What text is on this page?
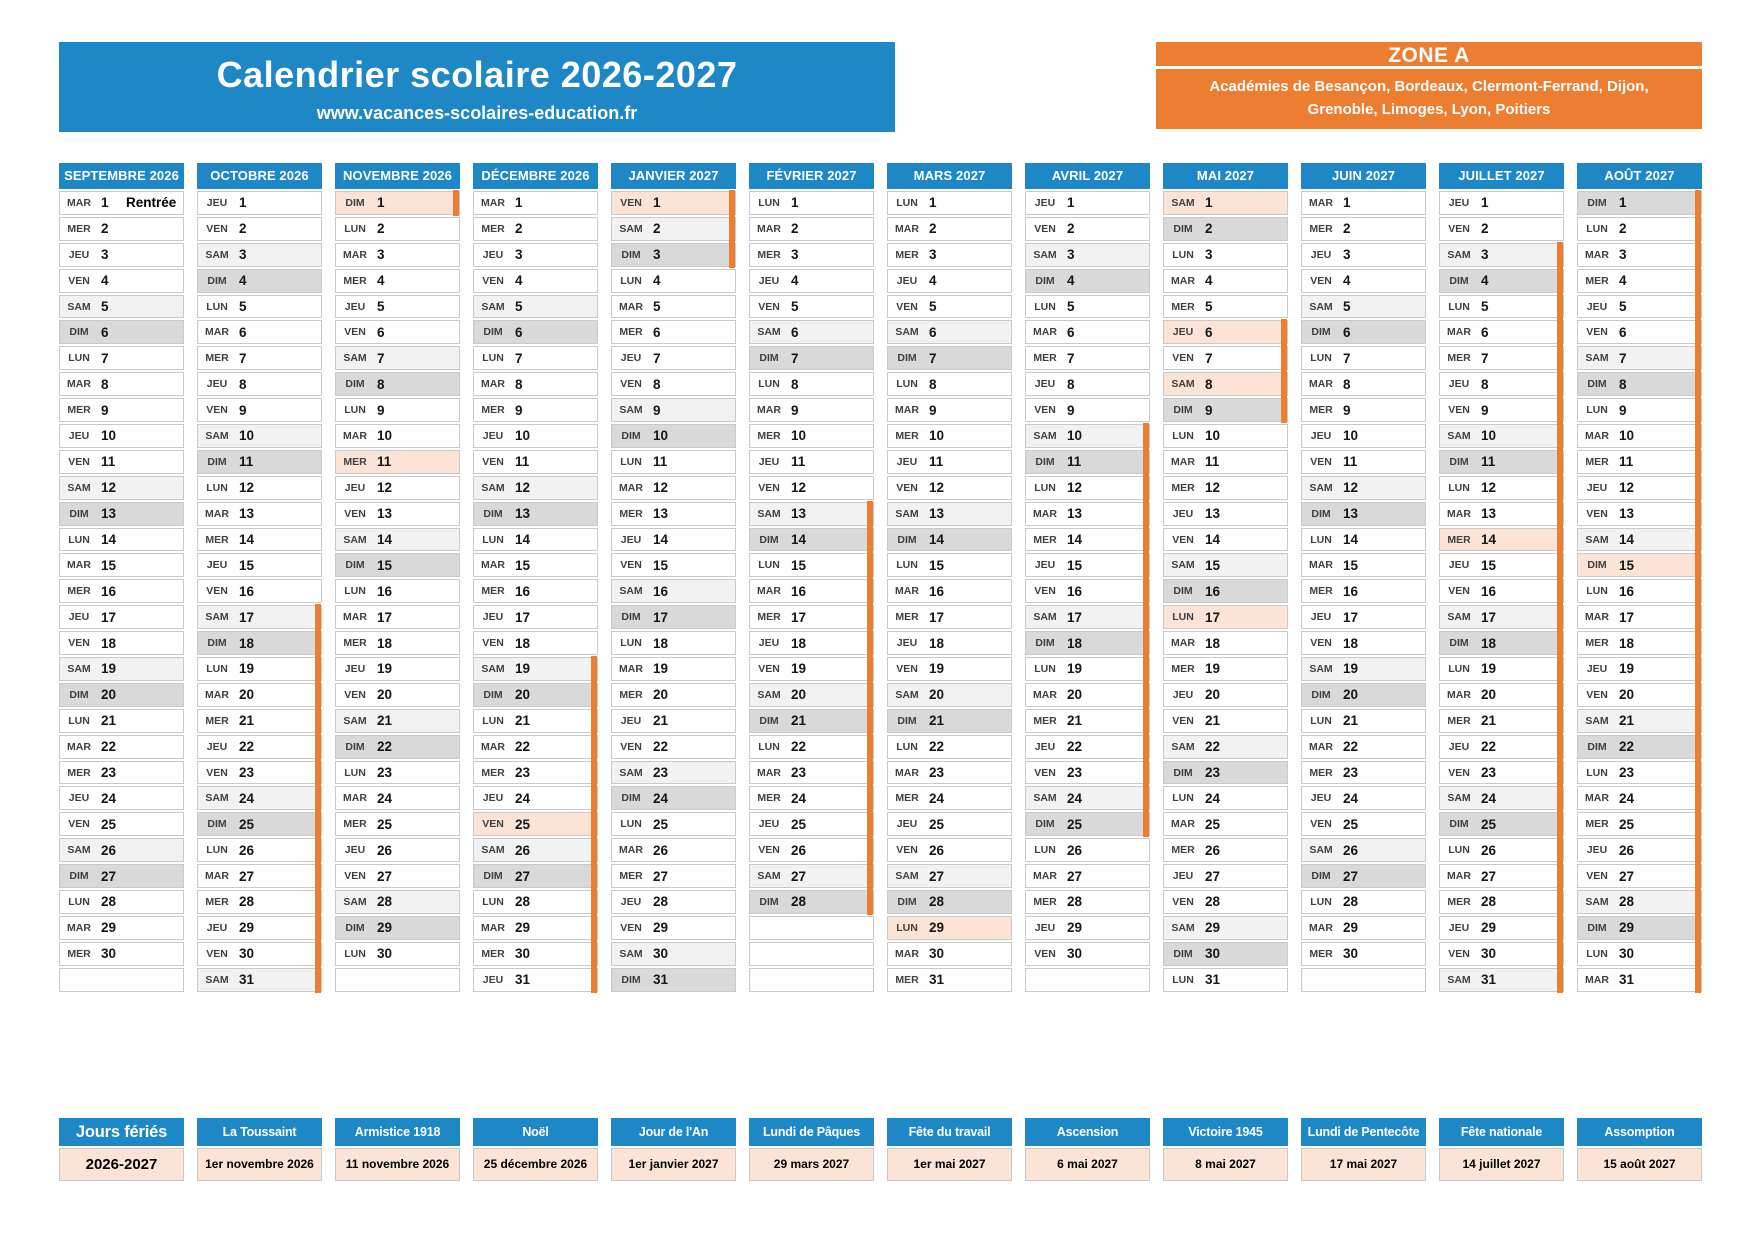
Calendrier scolaire 2026-2027
www.vacances-scolaires-education.fr
ZONE A
Académies de Besançon, Bordeaux, Clermont-Ferrand, Dijon, Grenoble, Limoges, Lyon, Poitiers
SEPTEMBRE 2026
MAR 1	Rentrée
MER 2
JEU 3
VEN 4
SAM 5
DIM 6
LUN 7
MAR 8
MER 9
JEU 10
VEN 11
SAM 12
DIM 13
LUN 14
MAR 15
MER 16
JEU 17
VEN 18
SAM 19
DIM 20
LUN 21
MAR 22
MER 23
JEU 24
VEN 25
SAM 26
DIM 27
LUN 28
MAR 29
MER 30
OCTOBRE 2026
JEU 1
VEN 2
SAM 3
DIM 4
LUN 5
MAR 6
MER 7
JEU 8
VEN 9
SAM 10
DIM 11
LUN 12
MAR 13
MER 14
JEU 15
VEN 16
SAM 17
DIM 18
LUN 19
MAR 20
MER 21
JEU 22
VEN 23
SAM 24
DIM 25
LUN 26
MAR 27
MER 28
JEU 29
VEN 30
SAM 31
NOVEMBRE 2026
DIM 1
LUN 2
MAR 3
MER 4
JEU 5
VEN 6
SAM 7
DIM 8
LUN 9
MAR 10
MER 11
JEU 12
VEN 13
SAM 14
DIM 15
LUN 16
MAR 17
MER 18
JEU 19
VEN 20
SAM 21
DIM 22
LUN 23
MAR 24
MER 25
JEU 26
VEN 27
SAM 28
DIM 29
LUN 30
DÉCEMBRE 2026
MAR 1
MER 2
JEU 3
VEN 4
SAM 5
DIM 6
LUN 7
MAR 8
MER 9
JEU 10
VEN 11
SAM 12
DIM 13
LUN 14
MAR 15
MER 16
JEU 17
VEN 18
SAM 19
DIM 20
LUN 21
MAR 22
MER 23
JEU 24
VEN 25
SAM 26
DIM 27
LUN 28
MAR 29
MER 30
JEU 31
JANVIER 2027
VEN 1
SAM 2
DIM 3
LUN 4
MAR 5
MER 6
JEU 7
VEN 8
SAM 9
DIM 10
LUN 11
MAR 12
MER 13
JEU 14
VEN 15
SAM 16
DIM 17
LUN 18
MAR 19
MER 20
JEU 21
VEN 22
SAM 23
DIM 24
LUN 25
MAR 26
MER 27
JEU 28
VEN 29
SAM 30
DIM 31
FÉVRIER 2027
LUN 1
MAR 2
MER 3
JEU 4
VEN 5
SAM 6
DIM 7
LUN 8
MAR 9
MER 10
JEU 11
VEN 12
SAM 13
DIM 14
LUN 15
MAR 16
MER 17
JEU 18
VEN 19
SAM 20
DIM 21
LUN 22
MAR 23
MER 24
JEU 25
VEN 26
SAM 27
DIM 28
MARS 2027
LUN 1
MAR 2
MER 3
JEU 4
VEN 5
SAM 6
DIM 7
LUN 8
MAR 9
MER 10
JEU 11
VEN 12
SAM 13
DIM 14
LUN 15
MAR 16
MER 17
JEU 18
VEN 19
SAM 20
DIM 21
LUN 22
MAR 23
MER 24
JEU 25
VEN 26
SAM 27
DIM 28
LUN 29
MAR 30
MER 31
AVRIL 2027
JEU 1
VEN 2
SAM 3
DIM 4
LUN 5
MAR 6
MER 7
JEU 8
VEN 9
SAM 10
DIM 11
LUN 12
MAR 13
MER 14
JEU 15
VEN 16
SAM 17
DIM 18
LUN 19
MAR 20
MER 21
JEU 22
VEN 23
SAM 24
DIM 25
LUN 26
MAR 27
MER 28
JEU 29
VEN 30
MAI 2027
SAM 1
DIM 2
LUN 3
MAR 4
MER 5
JEU 6
VEN 7
SAM 8
DIM 9
LUN 10
MAR 11
MER 12
JEU 13
VEN 14
SAM 15
DIM 16
LUN 17
MAR 18
MER 19
JEU 20
VEN 21
SAM 22
DIM 23
LUN 24
MAR 25
MER 26
JEU 27
VEN 28
SAM 29
DIM 30
LUN 31
JUIN 2027
MAR 1
MER 2
JEU 3
VEN 4
SAM 5
DIM 6
LUN 7
MAR 8
MER 9
JEU 10
VEN 11
SAM 12
DIM 13
LUN 14
MAR 15
MER 16
JEU 17
VEN 18
SAM 19
DIM 20
LUN 21
MAR 22
MER 23
JEU 24
VEN 25
SAM 26
DIM 27
LUN 28
MAR 29
MER 30
JUILLET 2027
JEU 1
VEN 2
SAM 3
DIM 4
LUN 5
MAR 6
MER 7
JEU 8
VEN 9
SAM 10
DIM 11
LUN 12
MAR 13
MER 14
JEU 15
VEN 16
SAM 17
DIM 18
LUN 19
MAR 20
MER 21
JEU 22
VEN 23
SAM 24
DIM 25
LUN 26
MAR 27
MER 28
JEU 29
VEN 30
SAM 31
AOÛT 2027
DIM 1
LUN 2
MAR 3
MER 4
JEU 5
VEN 6
SAM 7
DIM 8
LUN 9
MAR 10
MER 11
JEU 12
VEN 13
SAM 14
DIM 15
LUN 16
MAR 17
MER 18
JEU 19
VEN 20
SAM 21
DIM 22
LUN 23
MAR 24
MER 25
JEU 26
VEN 27
SAM 28
DIM 29
LUN 30
MAR 31
Jours fériés
2026-2027
La Toussaint
1er novembre 2026
Armistice 1918
11 novembre 2026
Noël
25 décembre 2026
Jour de l'An
1er janvier 2027
Lundi de Pâques
29 mars 2027
Fête du travail
1er mai 2027
Ascension
6 mai 2027
Victoire 1945
8 mai 2027
Lundi de Pentecôte
17 mai 2027
Fête nationale
14 juillet 2027
Assomption
15 août 2027
